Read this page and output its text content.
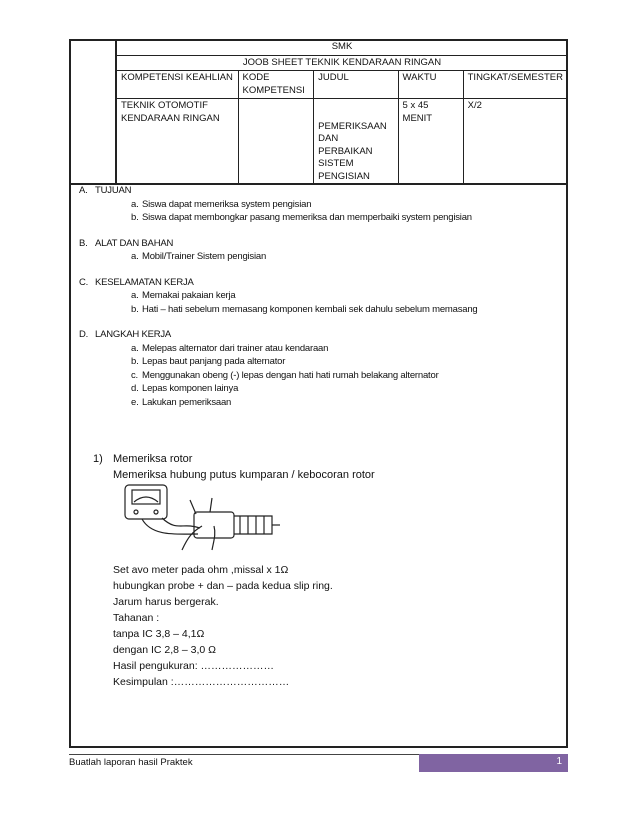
SMK				
JOOB SHEET TEKNIK KENDARAAN RINGAN				
KOMPETENSI KEAHLIAN	KODE KOMPETENSI	JUDUL	WAKTU	TINGKAT/SEMESTER
TEKNIK OTOMOTIF KENDARAAN RINGAN		PEMERIKSAAN DAN PERBAIKAN SISTEM PENGISIAN	5 x 45 MENIT	X/2
A. TUJUAN
a. Siswa dapat memeriksa system pengisian
b. Siswa dapat membongkar pasang memeriksa dan memperbaiki system pengisian
B. ALAT DAN BAHAN
a. Mobil/Trainer Sistem pengisian
C. KESELAMATAN KERJA
a. Memakai pakaian kerja
b. Hati – hati sebelum memasang komponen kembali sek dahulu sebelum memasang
D. LANGKAH KERJA
a. Melepas alternator dari trainer atau kendaraan
b. Lepas baut panjang pada alternator
c. Menggunakan obeng (-) lepas dengan hati hati rumah belakang alternator
d. Lepas komponen lainya
e. Lakukan pemeriksaan
1) Memeriksa rotor
Memeriksa hubung putus kumparan / kebocoran rotor
Set avo meter pada ohm ,missal x 1Ω
hubungkan probe + dan – pada kedua slip ring.
Jarum harus bergerak.
Tahanan :
tanpa IC 3,8 – 4,1Ω
dengan IC 2,8 – 3,0 Ω
Hasil pengukuran: …………………
Kesimpulan :……………………………
Buatlah laporan hasil Praktek	1
